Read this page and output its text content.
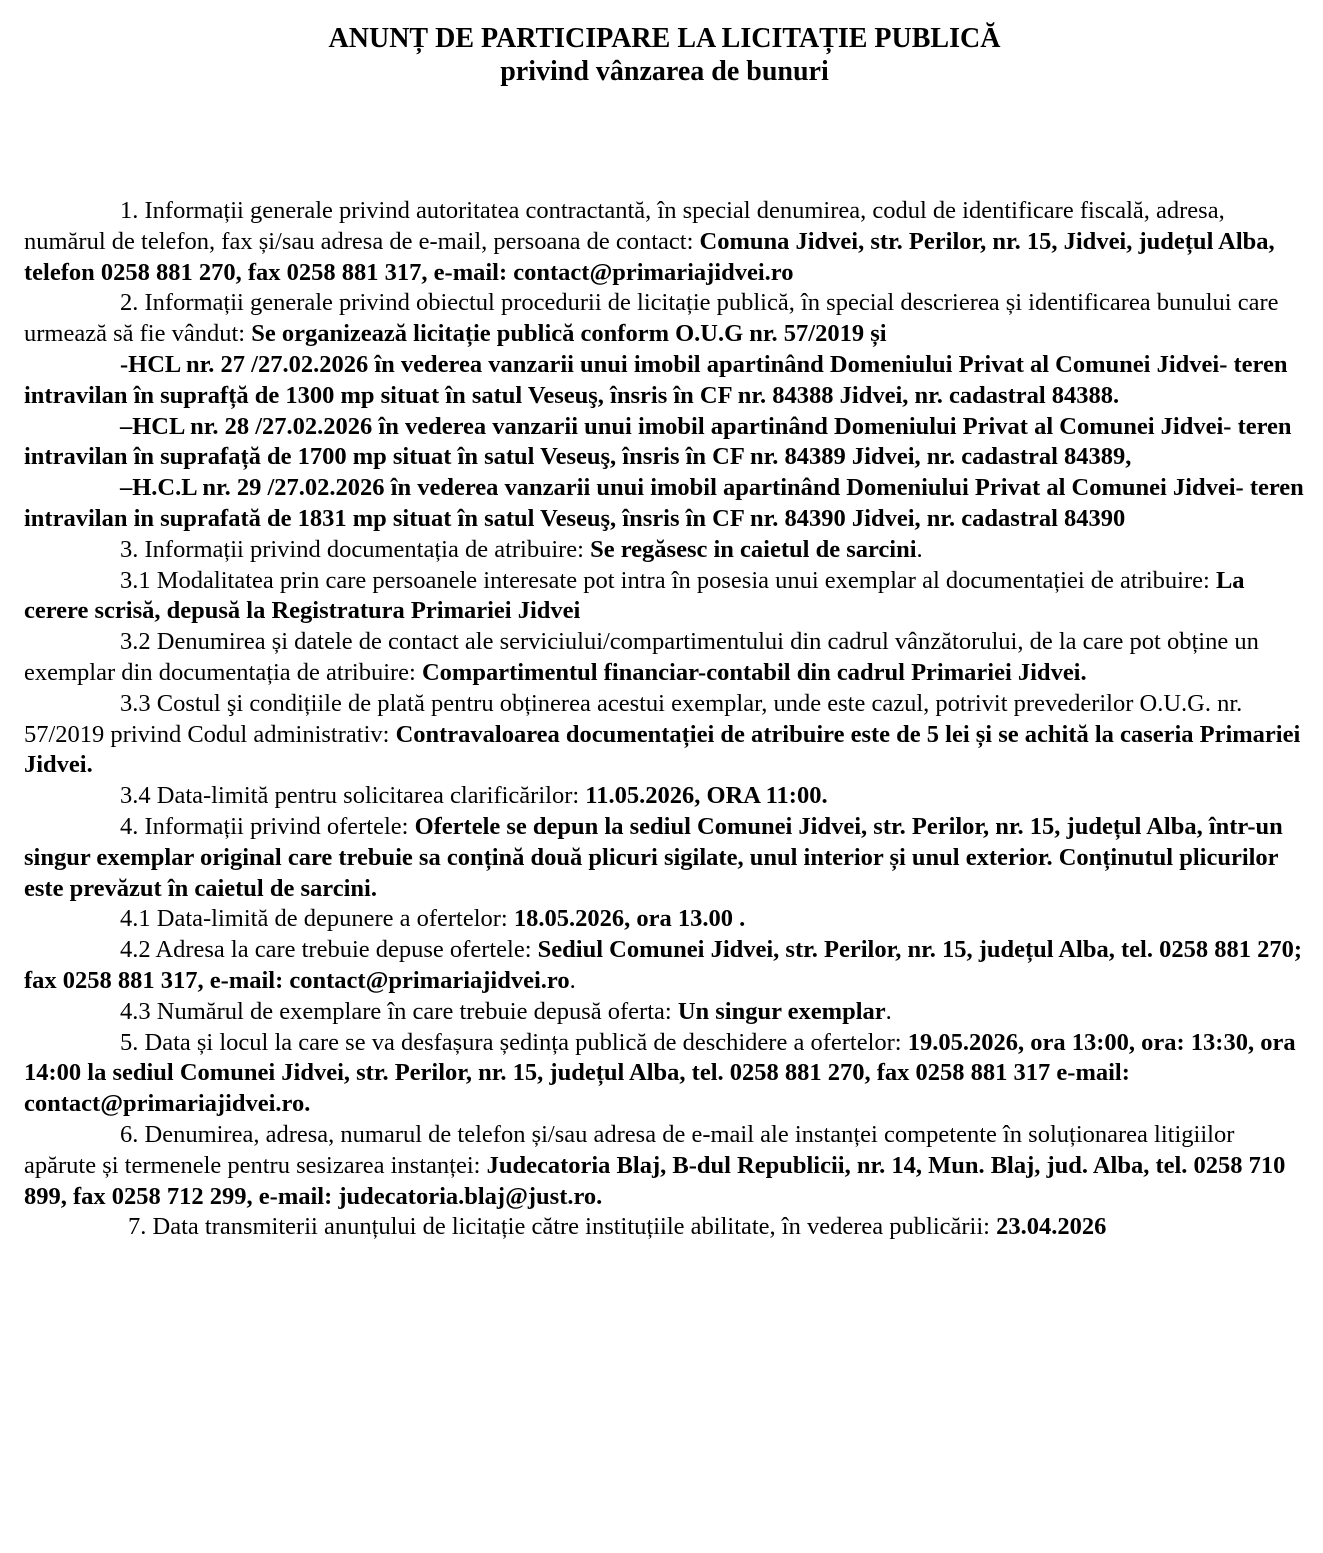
ANUNȚ DE PARTICIPARE LA LICITAȚIE PUBLICĂ
privind vânzarea de bunuri

1. Informații generale privind autoritatea contractantă, în special denumirea, codul de identificare fiscală, adresa, numărul de telefon, fax și/sau adresa de e-mail, persoana de contact: Comuna Jidvei, str. Perilor, nr. 15, Jidvei, județul Alba, telefon 0258 881 270, fax 0258 881 317, e-mail: contact@primariajidvei.ro

2. Informații generale privind obiectul procedurii de licitație publică, în special descrierea și identificarea bunului care urmează să fie vândut: Se organizează licitație publică conform O.U.G nr. 57/2019 și

-HCL nr. 27 /27.02.2026 în vederea vanzarii unui imobil apartinând Domeniului Privat al Comunei Jidvei- teren intravilan în suprafță de 1300 mp situat în satul Veseuş, însris în CF nr. 84388 Jidvei, nr. cadastral 84388.

–HCL nr. 28 /27.02.2026 în vederea vanzarii unui imobil apartinând Domeniului Privat al Comunei Jidvei- teren intravilan în suprafață de 1700 mp situat în satul Veseuş, însris în CF nr. 84389 Jidvei, nr. cadastral 84389,

–H.C.L nr. 29 /27.02.2026 în vederea vanzarii unui imobil apartinând Domeniului Privat al Comunei Jidvei- teren intravilan in suprafată de 1831 mp situat în satul Veseuş, însris în CF nr. 84390 Jidvei, nr. cadastral 84390

3. Informații privind documentația de atribuire: Se regăsesc in caietul de sarcini.

3.1 Modalitatea prin care persoanele interesate pot intra în posesia unui exemplar al documentației de atribuire: La cerere scrisă, depusă la Registratura Primariei Jidvei

3.2 Denumirea și datele de contact ale serviciului/compartimentului din cadrul vânzătorului, de la care pot obține un exemplar din documentația de atribuire: Compartimentul financiar-contabil din cadrul Primariei Jidvei.

3.3 Costul şi condițiile de plată pentru obținerea acestui exemplar, unde este cazul, potrivit prevederilor O.U.G. nr. 57/2019 privind Codul administrativ: Contravaloarea documentației de atribuire este de 5 lei și se achită la caseria Primariei Jidvei.

3.4 Data-limită pentru solicitarea clarificărilor: 11.05.2026, ORA 11:00.

4. Informații privind ofertele: Ofertele se depun la sediul Comunei Jidvei, str. Perilor, nr. 15, județul Alba, într-un singur exemplar original care trebuie sa conțină două plicuri sigilate, unul interior și unul exterior. Conținutul plicurilor este prevăzut în caietul de sarcini.

4.1 Data-limită de depunere a ofertelor: 18.05.2026, ora 13.00 .

4.2 Adresa la care trebuie depuse ofertele: Sediul Comunei Jidvei, str. Perilor, nr. 15, județul Alba, tel. 0258 881 270; fax 0258 881 317, e-mail: contact@primariajidvei.ro.

4.3 Numărul de exemplare în care trebuie depusă oferta: Un singur exemplar.

5. Data și locul la care se va desfașura ședința publică de deschidere a ofertelor: 19.05.2026, ora 13:00, ora: 13:30, ora 14:00 la sediul Comunei Jidvei, str. Perilor, nr. 15, județul Alba, tel. 0258 881 270, fax 0258 881 317 e-mail: contact@primariajidvei.ro.

6. Denumirea, adresa, numarul de telefon și/sau adresa de e-mail ale instanței competente în soluționarea litigiilor apărute și termenele pentru sesizarea instanței: Judecatoria Blaj, B-dul Republicii, nr. 14, Mun. Blaj, jud. Alba, tel. 0258 710 899, fax 0258 712 299, e-mail: judecatoria.blaj@just.ro.

7. Data transmiterii anunțului de licitație către instituțiile abilitate, în vederea publicării: 23.04.2026
